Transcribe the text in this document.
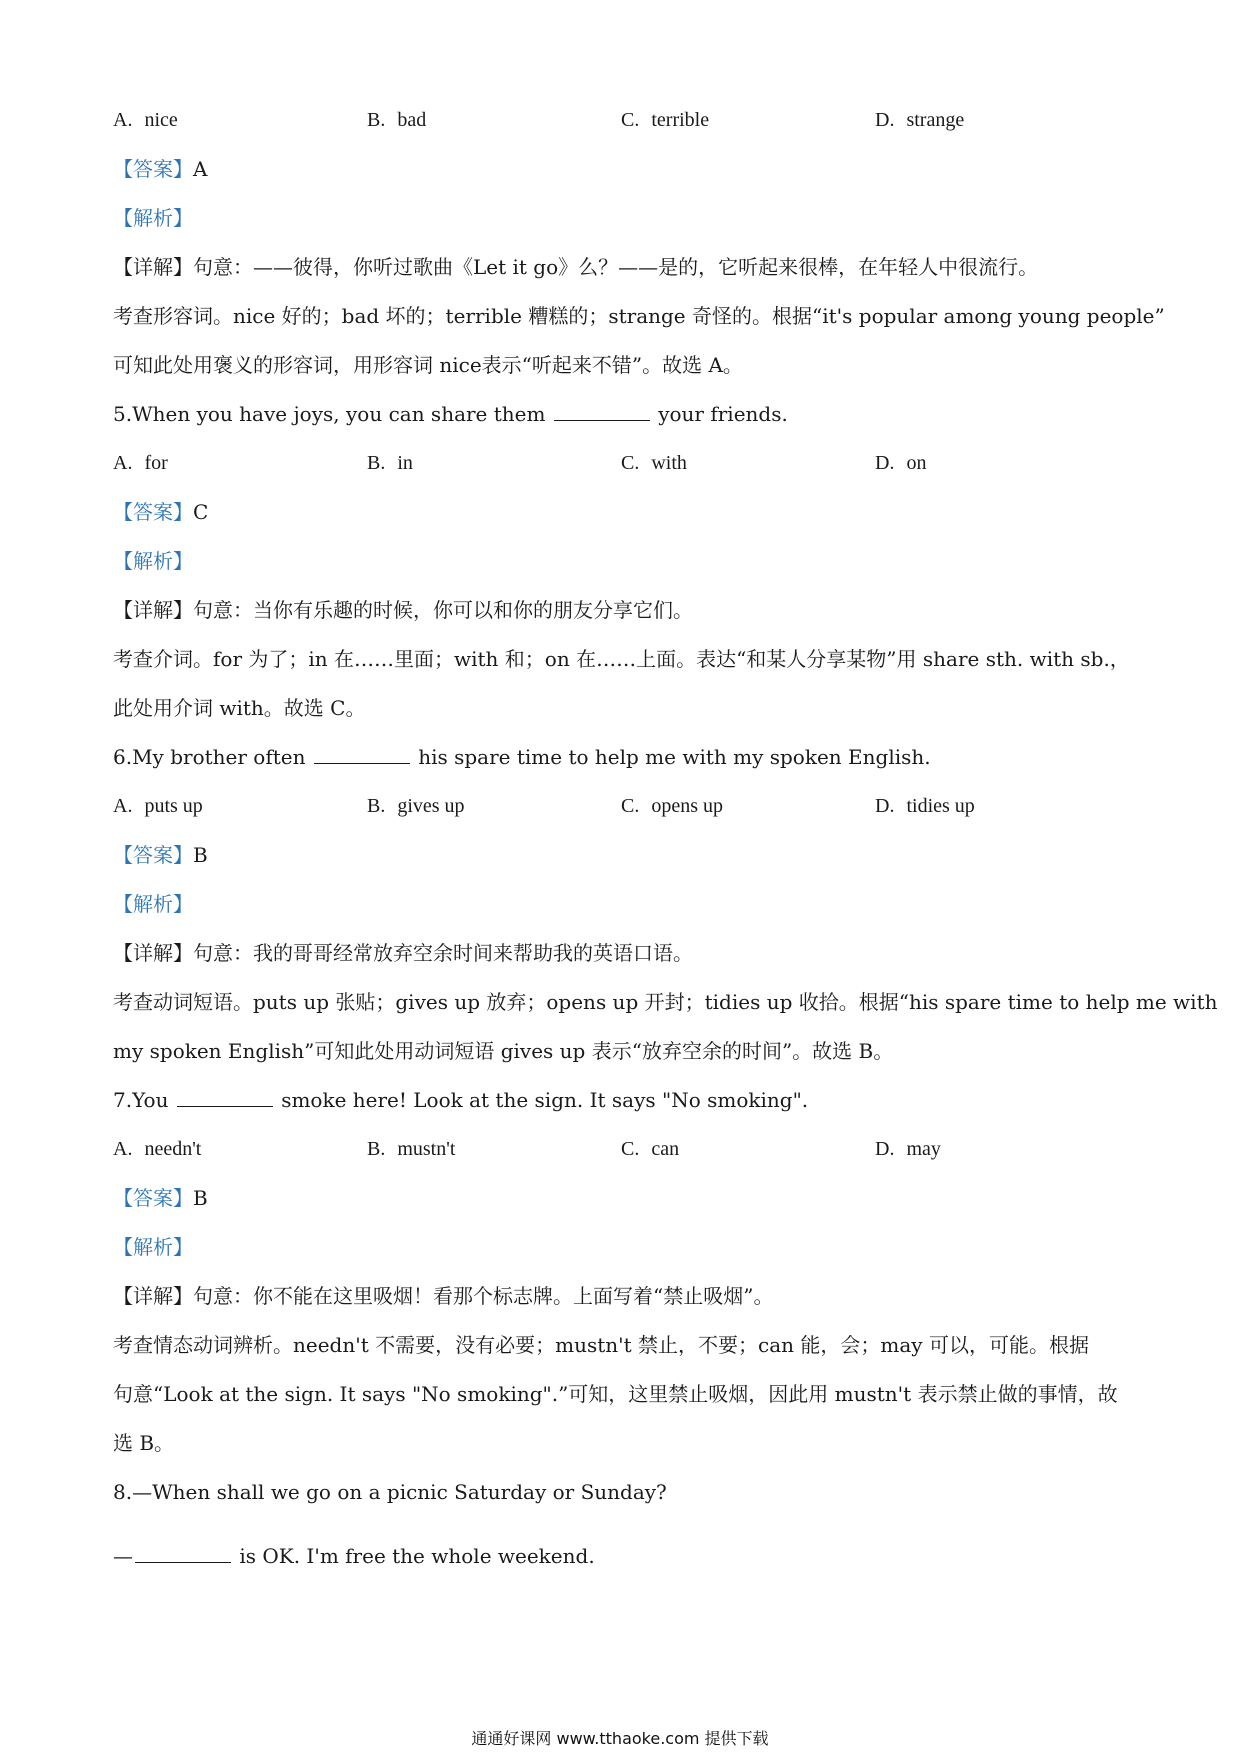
A. nice	B. bad	C. terrible	D. strange
【答案】A
【解析】
【详解】句意：——彼得，你听过歌曲《Let it go》么？——是的，它听起来很棒，在年轻人中很流行。
考查形容词。nice 好的；bad 坏的；terrible 糟糕的；strange 奇怪的。根据“it's popular among young people”
可知此处用褒义的形容词，用形容词 nice表示“听起来不错”。故选 A。
5.When you have joys, you can share them	your friends.
A. for	B. in	C. with	D. on
【答案】C
【解析】
【详解】句意：当你有乐趣的时候，你可以和你的朋友分享它们。
考查介词。for 为了；in 在……里面；with 和；on 在……上面。表达“和某人分享某物”用 share sth. with sb.，
此处用介词 with。故选 C。
6.My brother often	his spare time to help me with my spoken English.
A. puts up	B. gives up	C. opens up	D. tidies up
【答案】B
【解析】
【详解】句意：我的哥哥经常放弃空余时间来帮助我的英语口语。
考查动词短语。puts up 张贴；gives up 放弃；opens up 开封；tidies up 收拾。根据“his spare time to help me with
my spoken English”可知此处用动词短语 gives up 表示“放弃空余的时间”。故选 B。
7.You	smoke here! Look at the sign. It says "No smoking".
A. needn't	B. mustn't	C. can	D. may
【答案】B
【解析】
【详解】句意：你不能在这里吸烟！看那个标志牌。上面写着“禁止吸烟”。
考查情态动词辨析。needn't 不需要，没有必要；mustn't 禁止，不要；can 能，会；may 可以，可能。根据
句意“Look at the sign. It says "No smoking".”可知，这里禁止吸烟，因此用 mustn't 表示禁止做的事情，故
选 B。
8.—When shall we go on a picnic Saturday or Sunday?
—	is OK. I'm free the whole weekend.
通通好课网 www.tthaoke.com 提供下载
